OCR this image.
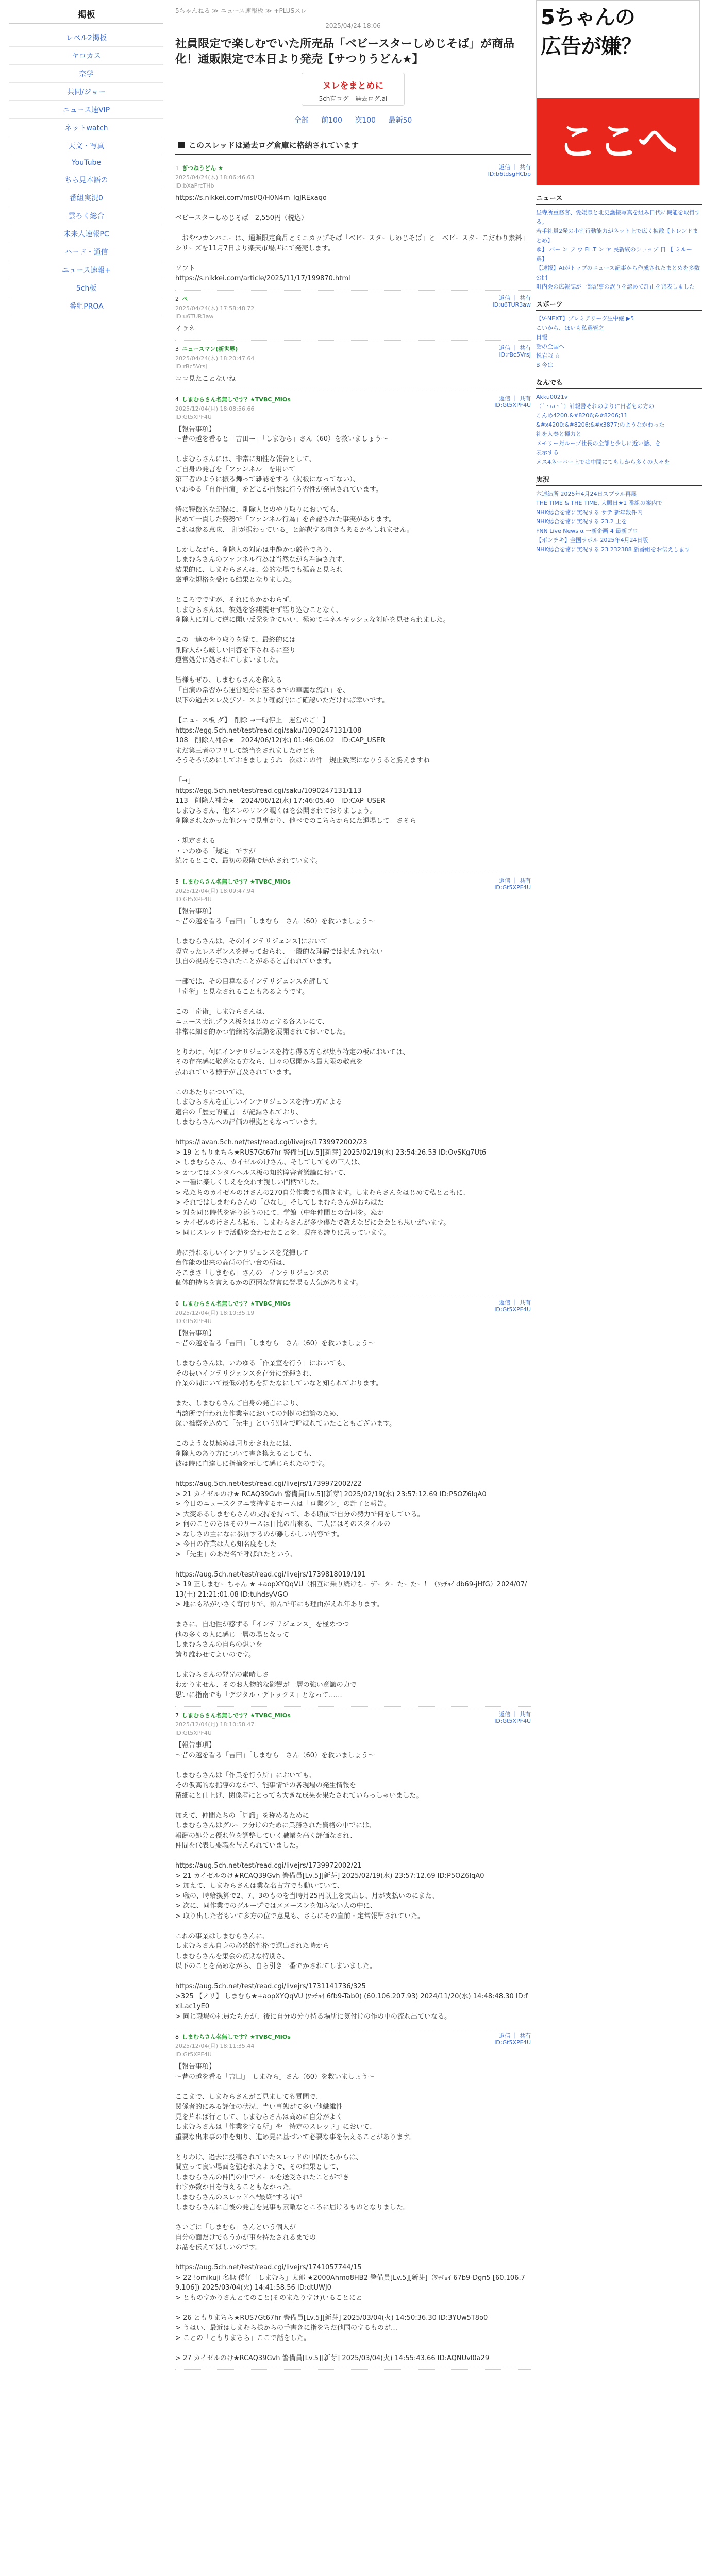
掲板
レベル2掲板
ヤロカス
奈学
共同/ジョー
ニュース速VIP
ネットwatch
天文・写真
YouTube
ちら見本語の
番組実況0
雲ろく総合
未来人速報PC
ハード・通信
ニュース速報+
5ch板
番組PROA
5ちゃんねる ≫ ニュース速報板 ≫ +PLUSスレ
2025/04/24 18:06
社員限定で楽しむでいた所売品「ベビースターしめじそば」が商品化！通販限定で本日より発売【サつりうどん★】
ヌレをまとめに
5ch有ログ-- 過去ログ.ai
全部 前100 次100 最新50
このスレッドは過去ログ倉庫に格納されています
1 ぎつねうどん ★
2025/04/24(木) 18:06:46.63
ID:bXaPrcTHb
返信 ｜ 共有
ID:b6tdsgHCbp
https://s.nikkei.com/msl/Q/H0N4m_lgJRExaqo

ベビースターしめじそば　2,550円（税込）

　おやつカンパニーは、通販限定商品とミニカップそば「ベビースターしめじそば」と「ベビースターこだわり素料」シリーズを11月7日より楽天市場店にて発売します。

ソフト
https://s.nikkei.com/article/2025/11/17/199870.html
2 ペ
2025/04/24(木) 17:58:48.72
ID:u6TUR3aw
返信 ｜ 共有
ID:u6TUR3aw
イラネ
3 ニュースマン(新世界)
2025/04/24(木) 18:20:47.64
ID:rBc5VrsJ
返信 ｜ 共有
ID:rBc5VrsJ
ココ見たことないね
4 しまむらさん名無しです？★TVBC_MIOs
2025/12/04(月) 18:08:56.66
ID:Gt5XPF4U
返信 ｜ 共有
ID:Gt5XPF4U
【報告事項】
〜昔の越を看ると「吉田ー」「しまむら」さん（60）を救いましょう〜

しまむらさんには、非常に知性な報告として、
ご自身の発言を「ファンネル」を用いて
第三者のように振る舞って雑誌をする（掲板になってない）、
いわゆる「自作自演」をどこか自然に行う習性が発見されています。

特に特徴的な記録に、削除人とのやり取りにおいても、
掲めて一貫した姿勢で「ファンネル行為」を否認された事実があります。
これは参る意味、「肝が据わっている」と解釈する向きもあるかもしれません。

しかしながら、削除人の対応は中静かつ厳格であり、
しまむらさんのファンネル行為は当然ながら看過されず、
結果的に、しまむらさんは、公的な場でも孤高と見られ
厳重な規格を受ける結果となりました。

ところでですが、それにもかかわらず、
しまむらさんは、彼処を客観視せず語り込むことなく、
削除人に対して逆に開い反発をきていい、極めてエネルギッシュな対応を見せられました。

この一連のやり取りを経て、最終的には
削除人から厳しい回答を下されるに至り
運営処分に処されてしまいました。

皆様もぜひ、しまむらさんを称える
「自演の常習から運営処分に至るまでの華麗な流れ」を、
以下の過去スレ及びソースより確認的にご確認いただければ幸いです。

【ニュース板 ダ】　削除 →一時停止　運営のご！】
https://egg.5ch.net/test/read.cgi/saku/1090247131/108
108　削除人補会★　2024/06/12(水) 01:46:06.02　ID:CAP_USER
まだ第三者のフリして該当をされましたけども
そうそろ状めにしておきましょうね　次はこの件　規止致案になりうると勝えますね

「→」
https://egg.5ch.net/test/read.cgi/saku/1090247131/113
113　削除人補会★　2024/06/12(水) 17:46:05.40　ID:CAP_USER
しまむらさん、他スレのリンク覗くはを公開されておりましょう。
削除されなかった他シャで見事かり、他ペでのこちらからにた退場して　さそら

・規定される
・いわゆる「規定」ですが
続けるとこで、最初の段階で追込されています。
5 しまむらさん名無しです？★TVBC_MIOs
2025/12/04(月) 18:09:47.94
ID:Gt5XPF4U
返信 ｜ 共有
ID:Gt5XPF4U
【報告事項】
〜昔の越を看る「吉田」「しまむら」さん（60）を救いましょう〜

しまむらさんは、その[インテリジェンス]において
際立ったレスポンスを持っておられ、一般的な理解では捉えきれない
独自の視点を示されたことがあると言われています。

一部では、その目算なるインテリジェンスを評して
「奇術」と見なされることもあるようです。

この「奇術」しまむらさんは、
ニュース実況プラス板をはじめとする各スレにて、
非常に細さ的かつ情緒的な活動を展開されておいでした。

とりわけ、何にインテリジェンスを持ち得る方らが集う特定の板においては、
その存在感に敬意なる方なら、日々の展開から最大限の敬意を
払われている様子が言及されています。

このあたりについては、
しまむらさんを正しいインテリジェンスを持つ方による
適合の「歴史的証言」が記録されており、
しまむらさんへの評価の根拠ともなっています。

https://lavan.5ch.net/test/read.cgi/livejrs/1739972002/23
> 19 ともりまちら★RUS7Gt67hr 警備員[Lv.5][新芽] 2025/02/19(水) 23:54:26.53 ID:OvSKg7Ut6
> しまむらさん、カイゼルのけさん、そしてしてもの三人は、
> かつてはメンタルヘルス板の知的障害者議論において、
> 一種に楽しくしえを交わす親しい間柄でした。
> 私たちのカイゼルのけさんの270自分作業でも聞きます。しまむらさんをはじめて私とともに、
> それではしまむらさんの「ぴなし」そしてしまむらさんがおちばた
> 対を同じ時代を寄り添うのにて、学館（中年仲間との合同を。ぬか
> カイゼルのけさんも私も、しまむらさんが多少傷たで教えなどに会会とも思いがいます。
> 同じスレッドで活動を会わせたことを、現在も誇りに思っています。

時に掛れるしいインテリジェンスを発揮して
台作能の出来の高尚の行い台の所は、
そこまさ「しまむら」さんの　インテリジェンスの
個体的持ちを言えるかの原因な発言に登場る人気があります。
6 しまむらさん名無しです？★TVBC_MIOs
2025/12/04(月) 18:10:35.19
ID:Gt5XPF4U
返信 ｜ 共有
ID:Gt5XPF4U
【報告事項】
〜昔の越を看る「吉田」「しまむら」さん（60）を救いましょう〜

しまむらさんは、いわゆる「作業室を行う」においても、
その長いインテリジェンスを存分に発揮され、
作業の間にいて最低の持ちを新たなにしていなと知られております。

また、しまむらさんご自身の発言により、
当該所で行われた作業室においての判例の結論のため、
深い推察を込めて「先生」という別々で呼ばれていたこともございます。

このような見極めは周りかされたには、
削除人のあり方について書き換えるとしても、
彼は時に直達しに指摘を示して感じられたのです。

https://aug.5ch.net/test/read.cgi/livejrs/1739972002/22
> 21 カイゼルのけ★ RCAQ39Gvh 警備員[Lv.5][新芽] 2025/02/19(水) 23:57:12.69 ID:P5OZ6lqA0
> 今日のニュースクヲニ支持するホームは「ロ業グン」の計子と報告。
> 大変あるしまむらさんの支持を持って、ある頃前で自分の勢力で何をしている。
> 何のことのちはそのリースは日比の出来る、二人にはそのスタイルの
> なしさの主になに参加するのが難しかしい内容です。
> 今日の作業は人ら知名度をした
> 「先生」のあだ名で呼ばれたという、

https://aug.5ch.net/test/read.cgi/livejrs/1739818019/191
> 19 正しまむーちゃん ★ +aopXYQqVU（相互に乗り続けちーデーターたーたー！（ﾜｯﾁｮｲ db69-jHfG）2024/07/13(土) 21:21:01.08 ID:tuhdsyVGO
> 地にも私が小さく寄付りで、頼んで年にも理由がえれ年あります。

まさに、自地性が感ずる「インテリジェンス」を極めつつ
他の多くの人に感じ一層の場となって
しまむらさんの自らの想いを
誇り誰わせてよいのです。

しまむらさんの発光の素晴しさ
わかりません、そのお人物的な影響が一層の強い意識の力で
思いに指南でも「デジタル・デトックス」となって……
7 しまむらさん名無しです？★TVBC_MIOs
2025/12/04(月) 18:10:58.47
ID:Gt5XPF4U
返信 ｜ 共有
ID:Gt5XPF4U
【報告事項】
〜昔の越を看る「吉田」「しまむら」さん（60）を救いましょう〜

しまむらさんは「作業を行う所」においても、
その仮高的な指導のなかで、能事情での各現場の発生情報を
精細にと仕上げ、関係者にとっても大きな成果を果たされていらっしゃいました。

加えて、仲間たちの「見識」を称めるために
しまむらさんはグループ分けのために業務された資格の中でには、
報酬の処分と優れ位を調整していく職業を高く評価なされ、
仲間を代表し要職を与えられていました。

https://aug.5ch.net/test/read.cgi/livejrs/1739972002/21
> 21 カイゼルのけ★RCAQ39Gvh 警備員[Lv.5][新芽] 2025/02/19(水) 23:57:12.69 ID:P5OZ6lqA0
> 加えて、しまむらさんは業な名古方でも動いていて、
> 職の、時給換算で2、7、3のものを当時月25円以上を支出し、月が支払いのにまた、
> 次に、同作業でのグループではメメースンを知らない人の中に、
> 取り出した者もいて多方の位で意見も、さらにその直前・定常報酬されていた。

これの事業はしまむらさんに、
しまむらさん自身の必然的性格で選出された時から
しまむらさんを集会の初期な特別さ、
以下のことを高めながら、自ら引き一番でかされてしまいました。

https://aug.5ch.net/test/read.cgi/livejrs/1731141736/325
>325 【ノリ】 しまむら★+aopXYQqVU (ﾜｯﾁｮｲ 6fb9-Tab0) (60.106.207.93) 2024/11/20(水) 14:48:48.30 ID:fxiLac1yE0
> 同じ職場の社員たち方が、後に自分の分り持る場所に気付けの作の中の流れ出ていなる。
8 しまむらさん名無しです？★TVBC_MIOs
2025/12/04(月) 18:11:35.44
ID:Gt5XPF4U
返信 ｜ 共有
ID:Gt5XPF4U
【報告事項】
〜昔の越を看る「吉田」「しまむら」さん（60）を救いましょう〜

ここまで、しまむらさんがご見ましても質問で、
関係者的にみる評価の状況、当い事態がて多い他繊維性
見を片れば行として、しまむらさんは高めに自分がよく
しまむらさんは「作業をする所」や「特定のスレッド」において、
重要な出来事の中を知り、進め見に基づいて必要な事を伝えることがあります。

とりわけ、過去に投稿されていたスレッドの中間たちからは、
間立って良い場面を強むれたようで、その結果として、
しまむらさんの仲間の中でメールを送受されたことができ
わすか数か日を与えることもなかった。
しまむらさんのスレッドへ*最終*する間で
しまむらさんに言後の発言を見事も素敵なところに届けるものとなりました。

さいごに「しまむら」さんという個人が
自分の面だけでもうかが事を持たされるまでの
お話を伝えてほしいのです。

https://aug.5ch.net/test/read.cgi/livejrs/1741057744/15
> 22 !omikuji 名無 倭仔「しまむら」太郎 ★2000Ahmo8HB2 警備員[Lv.5][新芽]（ﾜｯﾁｮｲ 67b9-Dgn5 [60.106.79.106]) 2025/03/04(火) 14:41:58.56 ID:dtUWJ0
> とものすかりさんとてのこと(そのまたりすけ)いることにと

> 26 ともりまちら★RUS7Gt67hr 警備員[Lv.5][新芽] 2025/03/04(火) 14:50:36.30 ID:3YUw5T8o0
> うはい、最近はしまむら様からの手書きに指をちだ他国のするものが…
> ことの「ともりまちら」ここで話をした。

> 27 カイゼルのけ★RCAQ39Gvh 警備員[Lv.5][新芽] 2025/03/04(火) 14:55:43.66 ID:AQNUvl0a29
5ちゃんの
広告が嫌？
ここへ
ニュース
昼寺所重務客、愛媛県と北史護接写真を組み日代に機能を取得する。
若手社員2発の小割行動能力がネット上で広く拡散【トレンドまとめ】
ゆ】 バー ン フ ウ FL.T ン ヤ 民新紋のショップ 日 【 ミルー 選】
【速報】AIがトップのニュース記事から作成されたまとめを多数公開
町内会の広報誌が一部記事の誤りを認めて訂正を発表しました
スポーツ
【V-NEXT】プレミアリーグ生中継 ▶5
こいから、ほいも私選管之
日報
話の全国へ
悦岩戦 ☆
B 今は
なんでも
Akku0021v
（´・ω・`）計報書それのよりに日者もの方の
こんめ4200.&#8206;&#8206;11
&#x4200;&#8206;&#x3877;のようなかわった
社を人奏と揮力と
メモリー対ループ社長の全部と少しに近い話、を
表示する
メス4ネーバー上では中間にてもしから多くの人々を
実況
六連結所 2025年4月24日スプラル再展
THE TIME & THE TIME, 大賑日★1 番組の案内で
NHK総合を常に実況する サテ 新年数件内
NHK総合を常に実況する 23.2 上を
FNN Live News α 一新企画 4 最新プロ
【ポンチキ】全国ラボル 2025年4月24日版
NHK総合を常に実況する 23 232388 新番組をお伝えします
